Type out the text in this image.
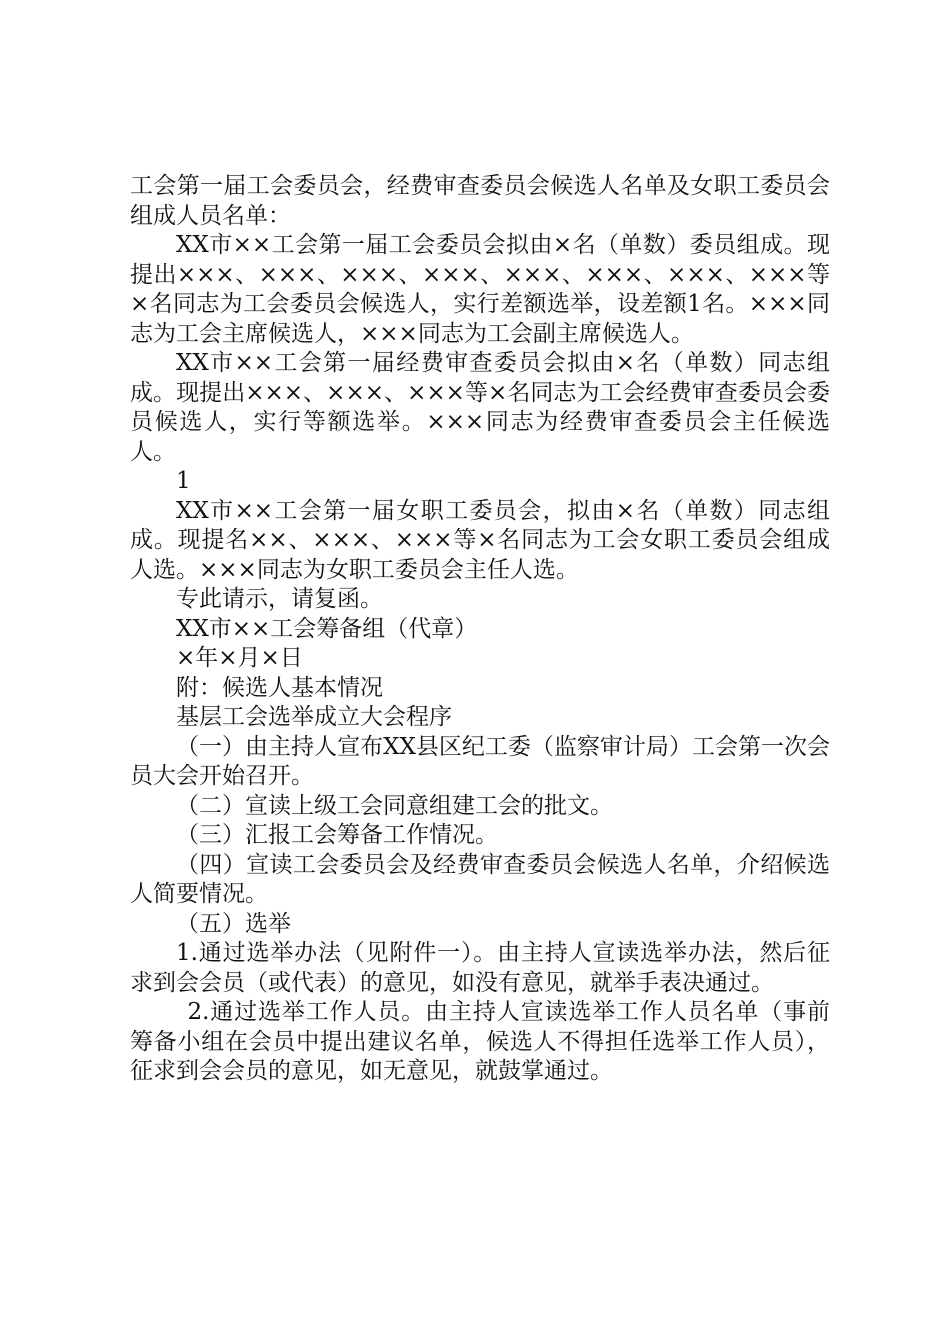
工会第一届工会委员会，经费审查委员会候选人名单及女职工委员会组成人员名单：

XX市××工会第一届工会委员会拟由×名（单数）委员组成。现提出×××、×××、×××、×××、×××、×××、×××、×××等×名同志为工会委员会候选人，实行差额选举，设差额1名。×××同志为工会主席候选人，×××同志为工会副主席候选人。

XX市××工会第一届经费审查委员会拟由×名（单数）同志组成。现提出×××、×××、×××等×名同志为工会经费审查委员会委员候选人，实行等额选举。×××同志为经费审查委员会主任候选人。

1

XX市××工会第一届女职工委员会，拟由×名（单数）同志组成。现提名××、×××、×××等×名同志为工会女职工委员会组成人选。×××同志为女职工委员会主任人选。

专此请示，请复函。

XX市××工会筹备组（代章）

×年×月×日

附：候选人基本情况

基层工会选举成立大会程序

（一）由主持人宣布XX县区纪工委（监察审计局）工会第一次会员大会开始召开。

（二）宣读上级工会同意组建工会的批文。

（三）汇报工会筹备工作情况。

（四）宣读工会委员会及经费审查委员会候选人名单，介绍候选人简要情况。

（五）选举

1.通过选举办法（见附件一）。由主持人宣读选举办法，然后征求到会会员（或代表）的意见，如没有意见，就举手表决通过。

2.通过选举工作人员。由主持人宣读选举工作人员名单（事前筹备小组在会员中提出建议名单，候选人不得担任选举工作人员），征求到会会员的意见，如无意见，就鼓掌通过。
